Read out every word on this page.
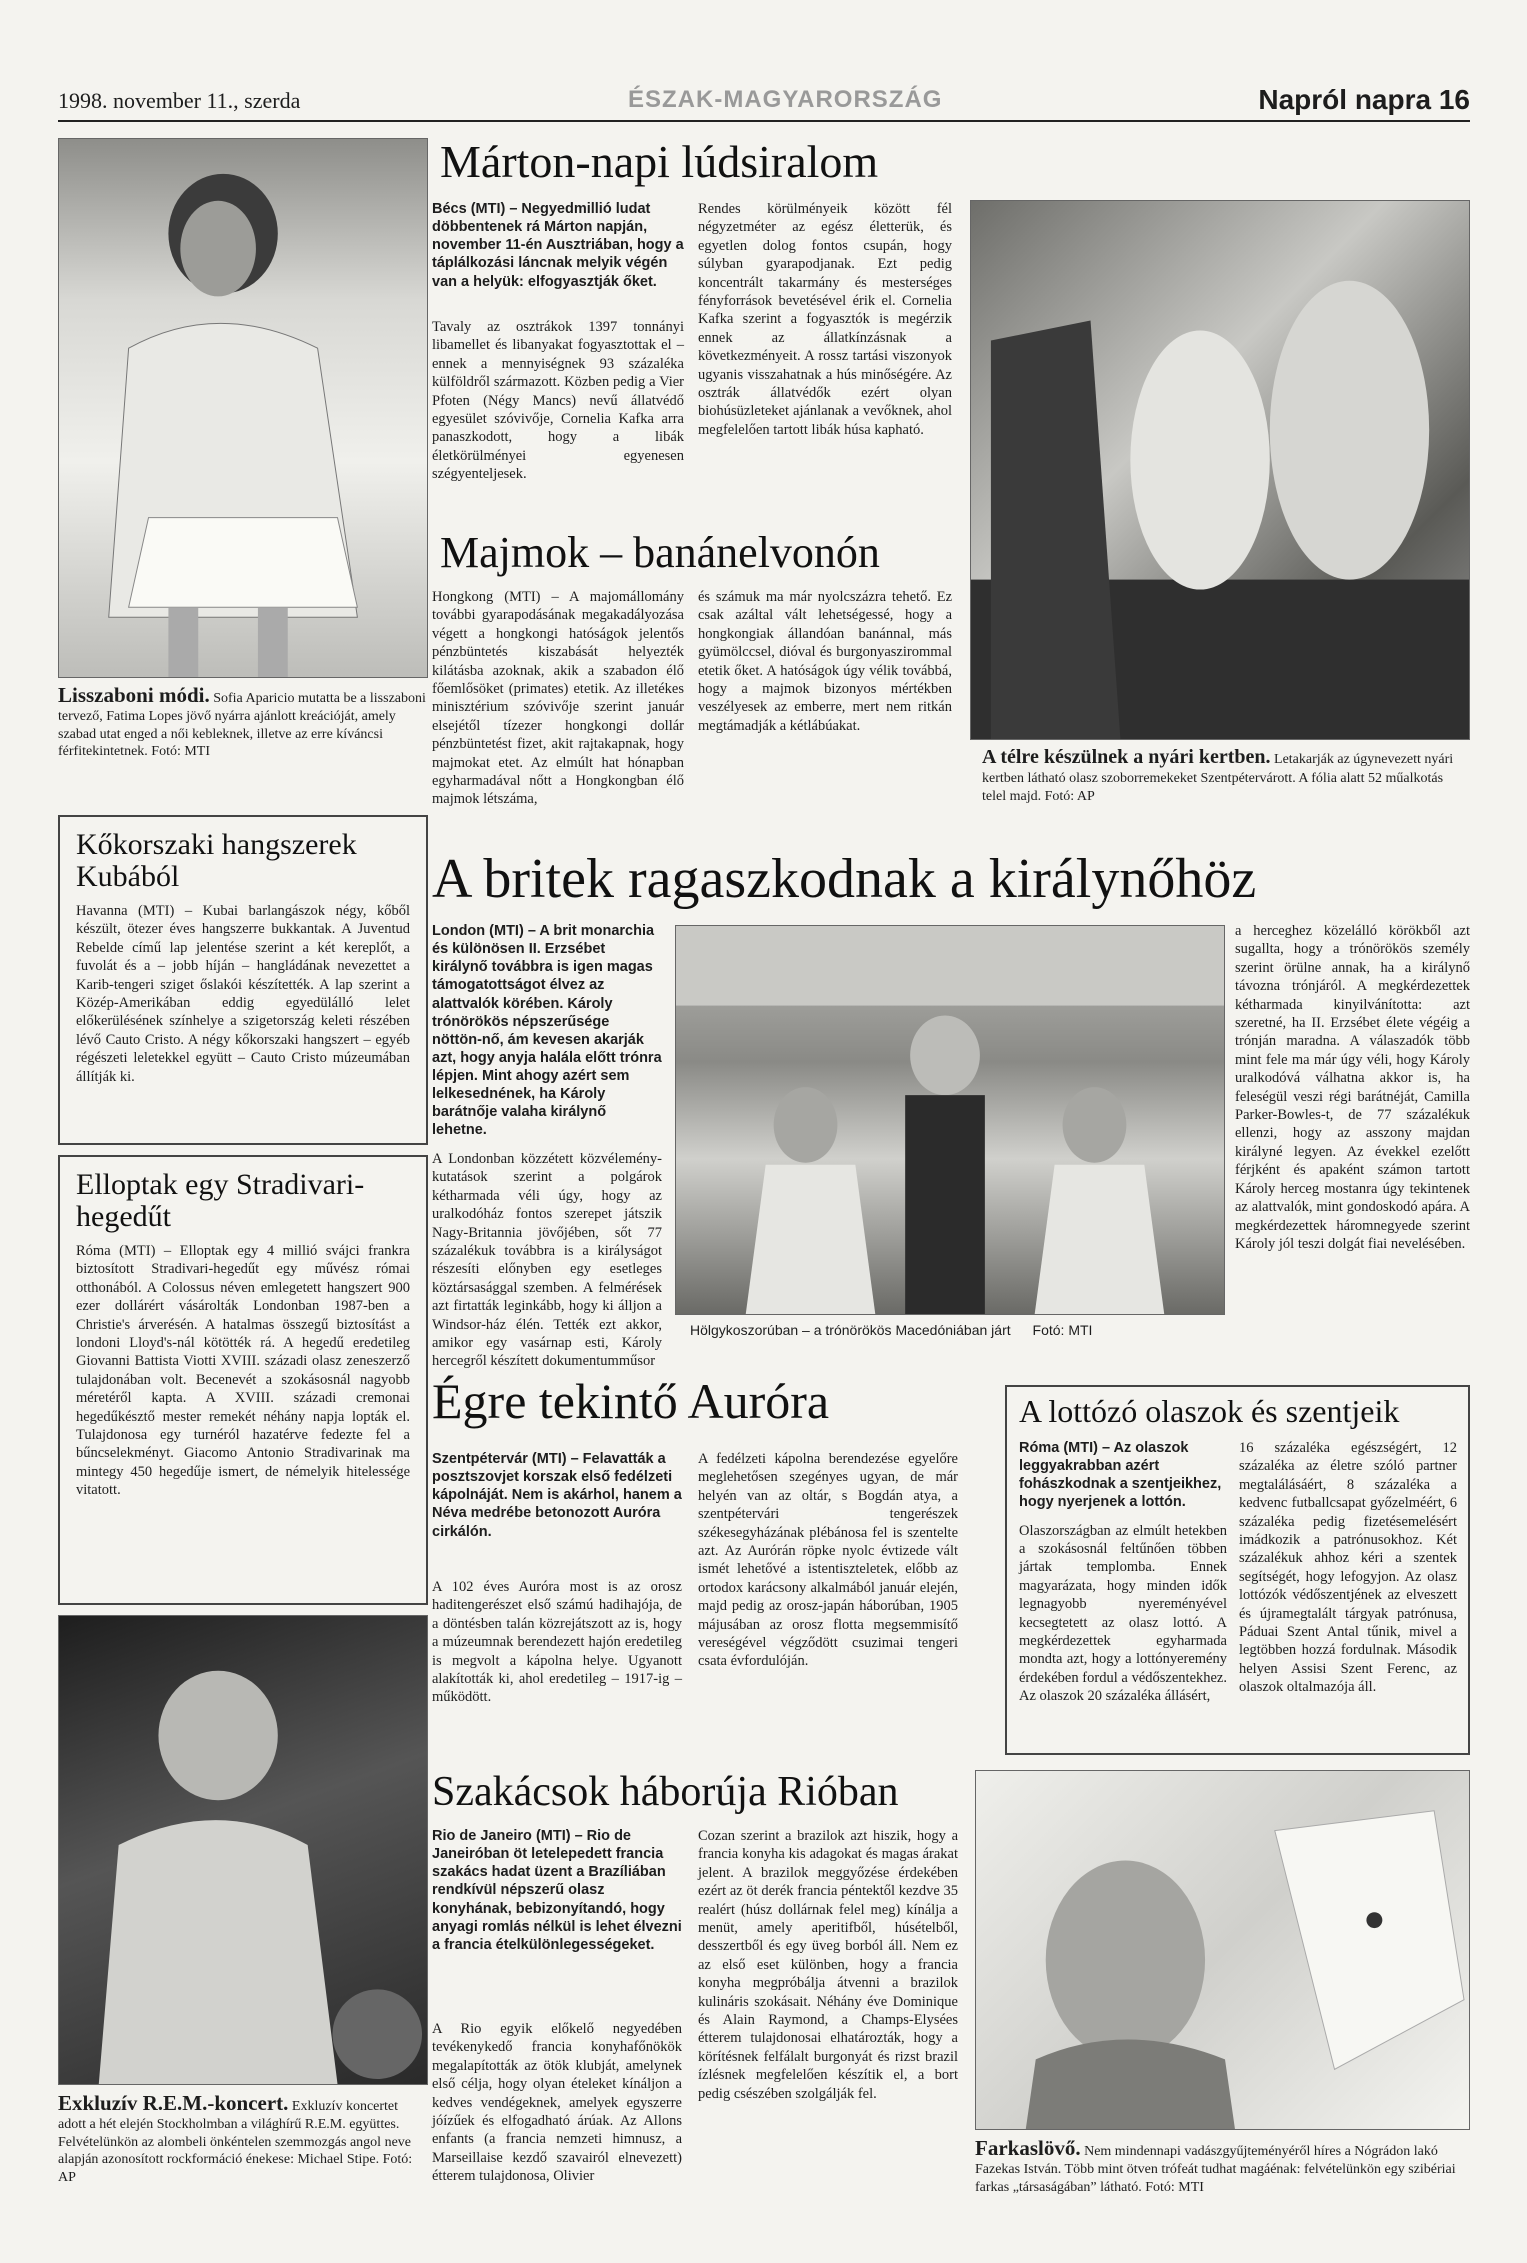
1998. november 11., szerda	ÉSZAK-MAGYARORSZÁG	Napról napra 16
Lisszaboni módi. Sofia Aparicio mutatta be a lisszaboni tervező, Fatima Lopes jövő nyárra ajánlott kreációját, amely szabad utat enged a női kebleknek, illetve az erre kíváncsi férfitekintetnek. Fotó: MTI
Kőkorszaki hangszerek Kubából
Havanna (MTI) – Kubai barlangászok négy, kőből készült, ötezer éves hangszerre bukkantak. A Juventud Rebelde című lap jelentése szerint a két kereplőt, a fuvolát és a – jobb híján – hangládának nevezettet a Karib-tengeri sziget őslakói készítették. A lap szerint a Közép-Amerikában eddig egyedülálló lelet előkerülésének színhelye a szigetország keleti részében lévő Cauto Cristo. A négy kőkorszaki hangszert – egyéb régészeti leletekkel együtt – Cauto Cristo múzeumában állítják ki.
Elloptak egy Stradivari-hegedűt
Róma (MTI) – Elloptak egy 4 millió svájci frankra biztosított Stradivari-hegedűt egy művész római otthonából. A Colossus néven emlegetett hangszert 900 ezer dollárért vásárolták Londonban 1987-ben a Christie's árverésén. A hatalmas összegű biztosítást a londoni Lloyd's-nál kötötték rá. A hegedű eredetileg Giovanni Battista Viotti XVIII. századi olasz zeneszerző tulajdonában volt. Becenevét a szokásosnál nagyobb méretéről kapta. A XVIII. századi cremonai hegedűkésztő mester remekét néhány napja lopták el. Tulajdonosa egy turnéról hazatérve fedezte fel a bűncselekményt. Giacomo Antonio Stradivarinak ma mintegy 450 hegedűje ismert, de némelyik hitelessége vitatott.
Exkluzív R.E.M.-koncert. Exkluzív koncertet adott a hét elején Stockholmban a világhírű R.E.M. együttes. Felvételünkön az alombeli önkéntelen szemmozgás angol neve alapján azonosított rockformáció énekese: Michael Stipe. Fotó: AP
Márton-napi lúdsiralom
Bécs (MTI) – Negyedmillió ludat döbbentenek rá Márton napján, november 11-én Ausztriában, hogy a táplálkozási láncnak melyik végén van a helyük: elfogyasztják őket.
Tavaly az osztrákok 1397 tonnányi libamellet és libanyakat fogyasztottak el – ennek a mennyiségnek 93 százaléka külföldről származott. Közben pedig a Vier Pfoten (Négy Mancs) nevű állatvédő egyesület szóvivője, Cornelia Kafka arra panaszkodott, hogy a libák életkörülményei egyenesen szégyenteljesek.
Rendes körülményeik között fél négyzetméter az egész életterük, és egyetlen dolog fontos csupán, hogy súlyban gyarapodjanak. Ezt pedig koncentrált takarmány és mesterséges fényforrások bevetésével érik el. Cornelia Kafka szerint a fogyasztók is megérzik ennek az állatkínzásnak a következményeit. A rossz tartási viszonyok ugyanis visszahatnak a hús minőségére. Az osztrák állatvédők ezért olyan biohúsüzleteket ajánlanak a vevőknek, ahol megfelelően tartott libák húsa kapható.
Majmok – banánelvonón
Hongkong (MTI) – A majomállomány további gyarapodásának megakadályozása végett a hongkongi hatóságok jelentős pénzbüntetés kiszabását helyezték kilátásba azoknak, akik a szabadon élő főemlősöket (primates) etetik. Az illetékes minisztérium szóvivője szerint január elsejétől tízezer hongkongi dollár pénzbüntetést fizet, akit rajtakapnak, hogy majmokat etet. Az elmúlt hat hónapban egyharmadával nőtt a Hongkongban élő majmok létszáma,
és számuk ma már nyolcszázra tehető. Ez csak azáltal vált lehetségessé, hogy a hongkongiak állandóan banánnal, más gyümölccsel, dióval és burgonyaszirommal etetik őket. A hatóságok úgy vélik továbbá, hogy a majmok bizonyos mértékben veszélyesek az emberre, mert nem ritkán megtámadják a kétlábúakat.
A télre készülnek a nyári kertben. Letakarják az úgynevezett nyári kertben látható olasz szoborremekeket Szentpétervárott. A fólia alatt 52 műalkotás telel majd. Fotó: AP
A britek ragaszkodnak a királynőhöz
London (MTI) – A brit monarchia és különösen II. Erzsébet királynő továbbra is igen magas támogatottságot élvez az alattvalók körében. Károly trónörökös népszerűsége nöttön-nő, ám kevesen akarják azt, hogy anyja halála előtt trónra lépjen. Mint ahogy azért sem lelkesednének, ha Károly barátnője valaha királynő lehetne.
A Londonban közzétett közvélemény-kutatások szerint a polgárok kétharmada véli úgy, hogy az uralkodóház fontos szerepet játszik Nagy-Britannia jövőjében, sőt 77 százalékuk továbbra is a királyságot részesíti előnyben egy esetleges köztársasággal szemben. A felmérések azt firtatták leginkább, hogy ki álljon a Windsor-ház élén. Tették ezt akkor, amikor egy vasárnap esti, Károly hercegről készített dokumentumműsor
Hölgykoszorúban – a trónörökös Macedóniában járt Fotó: MTI
a herceghez közelálló körökből azt sugallta, hogy a trónörökös személy szerint örülne annak, ha a királynő távozna trónjáról. A megkérdezettek kétharmada kinyilvánította: azt szeretné, ha II. Erzsébet élete végéig a trónján maradna. A válaszadók több mint fele ma már úgy véli, hogy Károly uralkodóvá válhatna akkor is, ha feleségül veszi régi barátnéját, Camilla Parker-Bowles-t, de 77 százalékuk ellenzi, hogy az asszony majdan királyné legyen. Az évekkel ezelőtt férjként és apaként számon tartott Károly herceg mostanra úgy tekintenek az alattvalók, mint gondoskodó apára. A megkérdezettek háromnegyede szerint Károly jól teszi dolgát fiai nevelésében.
Égre tekintő Auróra
Szentpétervár (MTI) – Felavatták a posztszovjet korszak első fedélzeti kápolnáját. Nem is akárhol, hanem a Néva medrébe betonozott Auróra cirkálón.
A 102 éves Auróra most is az orosz haditengerészet első számú hadihajója, de a döntésben talán közrejátszott az is, hogy a múzeumnak berendezett hajón eredetileg is megvolt a kápolna helye. Ugyanott alakították ki, ahol eredetileg – 1917-ig – működött.
A fedélzeti kápolna berendezése egyelőre meglehetősen szegényes ugyan, de már helyén van az oltár, s Bogdán atya, a szentpétervári tengerészek székesegyházának plébánosa fel is szentelte azt. Az Aurórán röpke nyolc évtizede vált ismét lehetővé a istentiszteletek, előbb az ortodox karácsony alkalmából január elején, majd pedig az orosz-japán háborúban, 1905 májusában az orosz flotta megsemmisítő vereségével végződött csuzimai tengeri csata évfordulóján.
A lottózó olaszok és szentjeik
Róma (MTI) – Az olaszok leggyakrabban azért fohászkodnak a szentjeikhez, hogy nyerjenek a lottón.
Olaszországban az elmúlt hetekben a szokásosnál feltűnően többen jártak templomba. Ennek magyarázata, hogy minden idők legnagyobb nyereményével kecsegtetett az olasz lottó. A megkérdezettek egyharmada mondta azt, hogy a lottónyeremény érdekében fordul a védőszentekhez. Az olaszok 20 százaléka állásért,
16 százaléka egészségért, 12 százaléka az életre szóló partner megtalálásáért, 8 százaléka a kedvenc futballcsapat győzelméért, 6 százaléka pedig fizetésemelésért imádkozik a patrónusokhoz. Két százalékuk ahhoz kéri a szentek segítségét, hogy lefogyjon. Az olasz lottózók védőszentjének az elveszett és újramegtalált tárgyak patrónusa, Páduai Szent Antal tűnik, mivel a legtöbben hozzá fordulnak. Második helyen Assisi Szent Ferenc, az olaszok oltalmazója áll.
Szakácsok háborúja Rióban
Rio de Janeiro (MTI) – Rio de Janeiróban öt letelepedett francia szakács hadat üzent a Brazíliában rendkívül népszerű olasz konyhának, bebizonyítandó, hogy anyagi romlás nélkül is lehet élvezni a francia ételkülönlegességeket.
A Rio egyik előkelő negyedében tevékenykedő francia konyhafőnökök megalapították az ötök klubját, amelynek első célja, hogy olyan ételeket kínáljon a kedves vendégeknek, amelyek egyszerre jóízűek és elfogadható árúak. Az Allons enfants (a francia nemzeti himnusz, a Marseillaise kezdő szavairól elnevezett) étterem tulajdonosa, Olivier
Cozan szerint a brazilok azt hiszik, hogy a francia konyha kis adagokat és magas árakat jelent. A brazilok meggyőzése érdekében ezért az öt derék francia péntektől kezdve 35 realért (húsz dollárnak felel meg) kínálja a menüt, amely aperitifből, húsételből, desszertből és egy üveg borból áll. Nem ez az első eset különben, hogy a francia konyha megpróbálja átvenni a brazilok kulináris szokásait. Néhány éve Dominique és Alain Raymond, a Champs-Elysées étterem tulajdonosai elhatározták, hogy a körítésnek felfálalt burgonyát és rizst brazil ízlésnek megfelelően készítik el, a bort pedig csészében szolgálják fel.
Farkaslövő. Nem mindennapi vadászgyűjteményéről híres a Nógrádon lakó Fazekas István. Több mint ötven trófeát tudhat magáénak: felvételünkön egy szibériai farkas „társaságában” látható. Fotó: MTI
